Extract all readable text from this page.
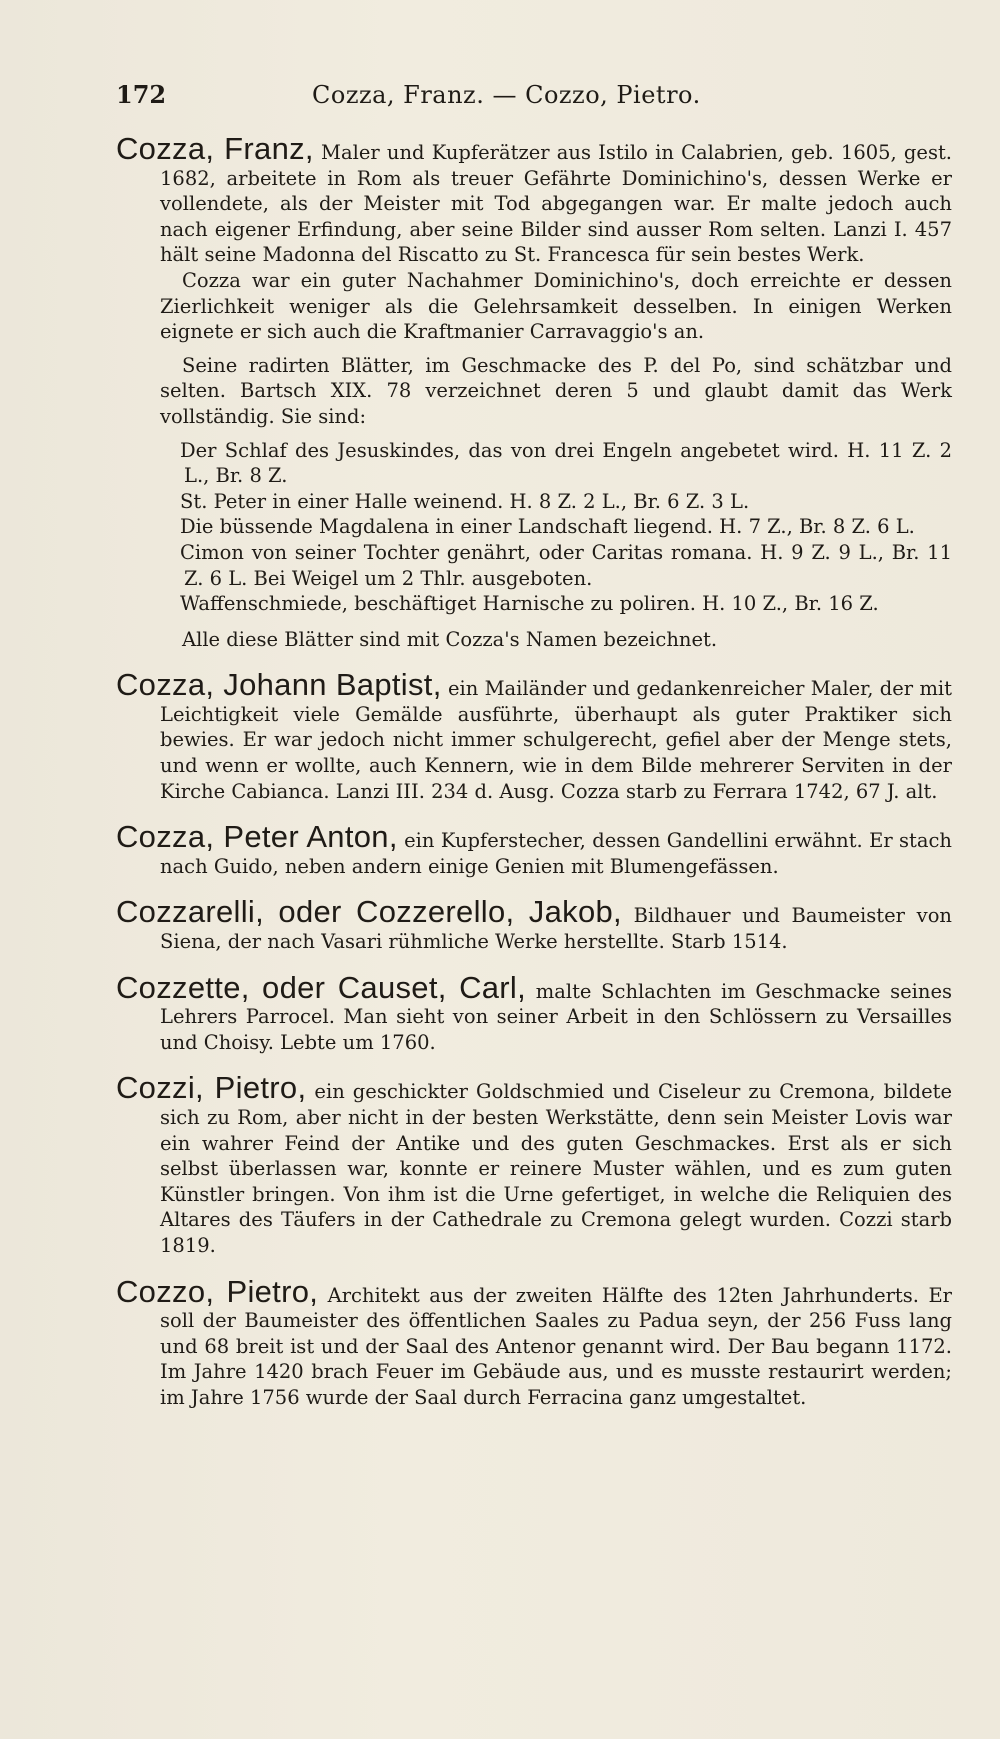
172	Cozza, Franz. — Cozzo, Pietro.

Cozza, Franz, Maler und Kupferätzer aus Istilo in Calabrien, geb. 1605, gest. 1682, arbeitete in Rom als treuer Gefährte Dominichino's, dessen Werke er vollendete, als der Meister mit Tod abgegangen war. Er malte jedoch auch nach eigener Erfindung, aber seine Bilder sind ausser Rom selten. Lanzi I. 457 hält seine Madonna del Riscatto zu St. Francesca für sein bestes Werk.

Cozza war ein guter Nachahmer Dominichino's, doch erreichte er dessen Zierlichkeit weniger als die Gelehrsamkeit desselben. In einigen Werken eignete er sich auch die Kraftmanier Carravaggio's an.

Seine radirten Blätter, im Geschmacke des P. del Po, sind schätzbar und selten. Bartsch XIX. 78 verzeichnet deren 5 und glaubt damit das Werk vollständig. Sie sind:

Der Schlaf des Jesuskindes, das von drei Engeln angebetet wird. H. 11 Z. 2 L., Br. 8 Z.

St. Peter in einer Halle weinend. H. 8 Z. 2 L., Br. 6 Z. 3 L.

Die büssende Magdalena in einer Landschaft liegend. H. 7 Z., Br. 8 Z. 6 L.

Cimon von seiner Tochter genährt, oder Caritas romana. H. 9 Z. 9 L., Br. 11 Z. 6 L. Bei Weigel um 2 Thlr. ausgeboten.

Waffenschmiede, beschäftiget Harnische zu poliren. H. 10 Z., Br. 16 Z.

Alle diese Blätter sind mit Cozza's Namen bezeichnet.

Cozza, Johann Baptist, ein Mailänder und gedankenreicher Maler, der mit Leichtigkeit viele Gemälde ausführte, überhaupt als guter Praktiker sich bewies. Er war jedoch nicht immer schulgerecht, gefiel aber der Menge stets, und wenn er wollte, auch Kennern, wie in dem Bilde mehrerer Serviten in der Kirche Cabianca. Lanzi III. 234 d. Ausg. Cozza starb zu Ferrara 1742, 67 J. alt.

Cozza, Peter Anton, ein Kupferstecher, dessen Gandellini erwähnt. Er stach nach Guido, neben andern einige Genien mit Blumengefässen.

Cozzarelli, oder Cozzerello, Jakob, Bildhauer und Baumeister von Siena, der nach Vasari rühmliche Werke herstellte. Starb 1514.

Cozzette, oder Causet, Carl, malte Schlachten im Geschmacke seines Lehrers Parrocel. Man sieht von seiner Arbeit in den Schlössern zu Versailles und Choisy. Lebte um 1760.

Cozzi, Pietro, ein geschickter Goldschmied und Ciseleur zu Cremona, bildete sich zu Rom, aber nicht in der besten Werkstätte, denn sein Meister Lovis war ein wahrer Feind der Antike und des guten Geschmackes. Erst als er sich selbst überlassen war, konnte er reinere Muster wählen, und es zum guten Künstler bringen. Von ihm ist die Urne gefertiget, in welche die Reliquien des Altares des Täufers in der Cathedrale zu Cremona gelegt wurden. Cozzi starb 1819.

Cozzo, Pietro, Architekt aus der zweiten Hälfte des 12ten Jahrhunderts. Er soll der Baumeister des öffentlichen Saales zu Padua seyn, der 256 Fuss lang und 68 breit ist und der Saal des Antenor genannt wird. Der Bau begann 1172. Im Jahre 1420 brach Feuer im Gebäude aus, und es musste restaurirt werden; im Jahre 1756 wurde der Saal durch Ferracina ganz umgestaltet.
